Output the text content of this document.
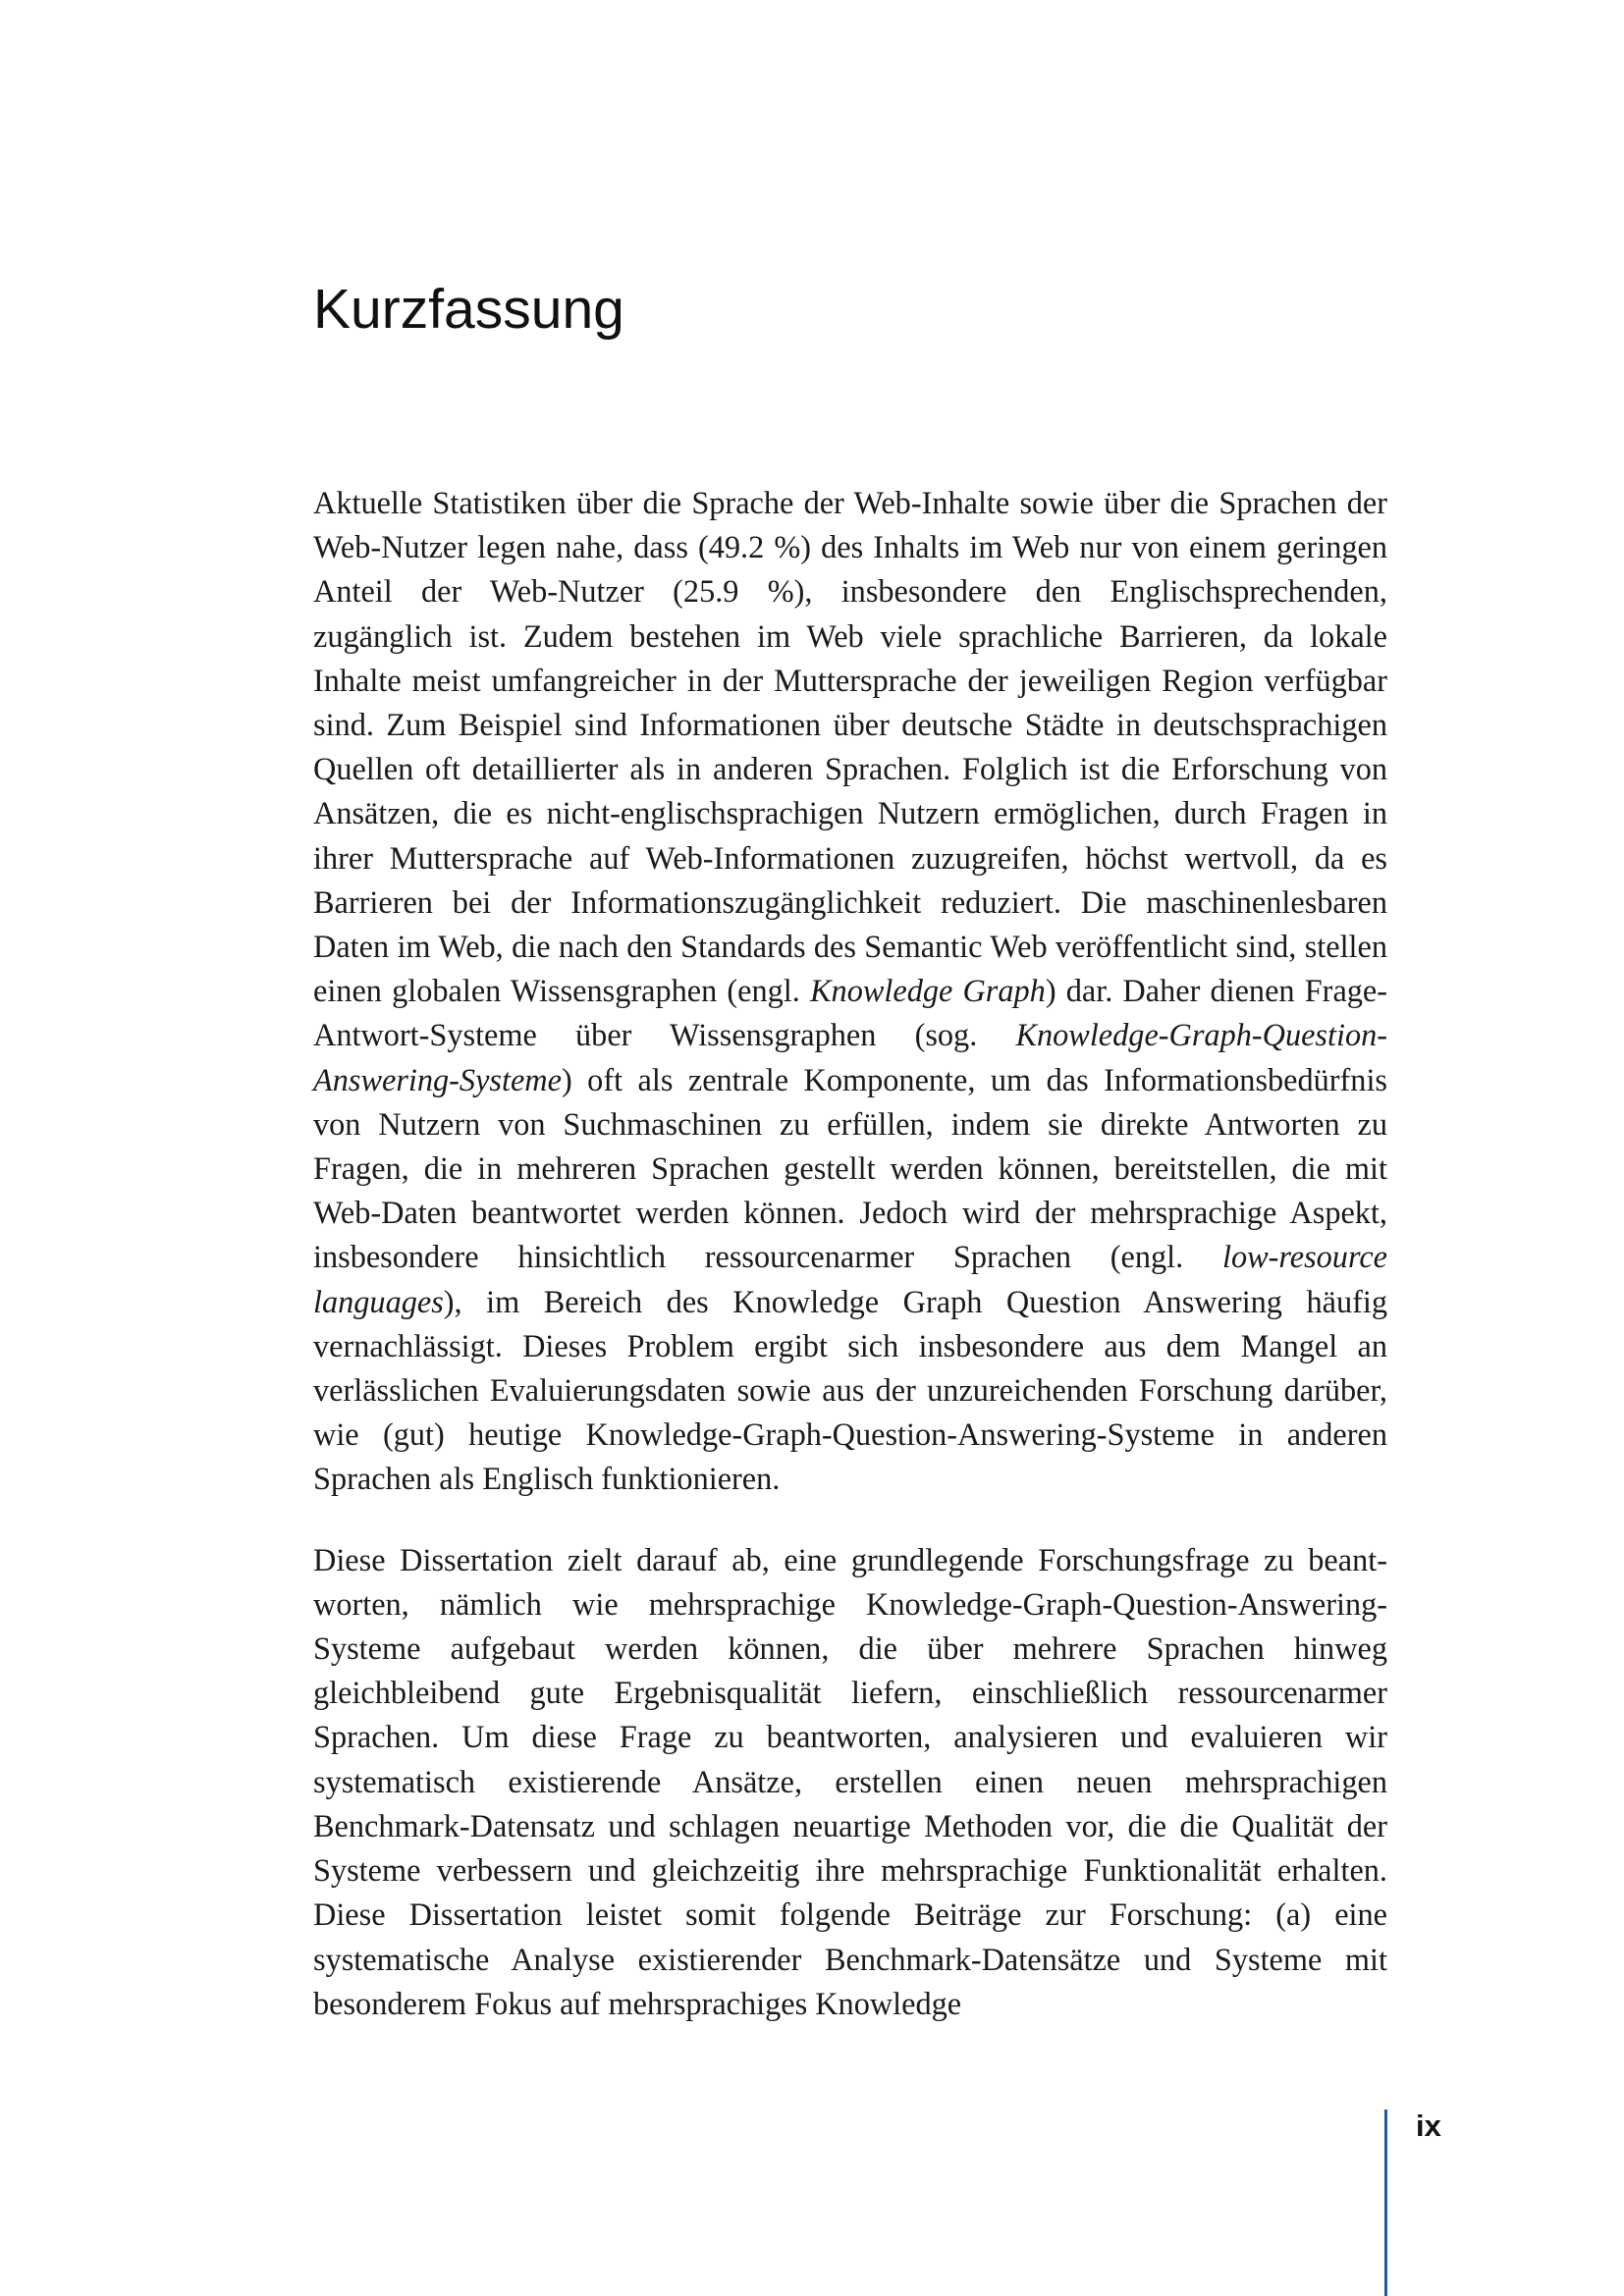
Kurzfassung

Aktuelle Statistiken über die Sprache der Web-Inhalte sowie über die Sprachen der Web-Nutzer legen nahe, dass (49.2 %) des Inhalts im Web nur von einem geringen Anteil der Web-Nutzer (25.9 %), insbesondere den Englischsprechenden, zugänglich ist. Zudem bestehen im Web viele sprachliche Barrieren, da lokale Inhalte meist umfangreicher in der Muttersprache der jeweiligen Region verfügbar sind. Zum Beispiel sind Informationen über deutsche Städte in deutschsprachigen Quellen oft detaillierter als in anderen Sprachen. Folglich ist die Erforschung von Ansätzen, die es nicht-englischsprachigen Nutzern ermöglichen, durch Fragen in ihrer Muttersprache auf Web-Informationen zuzugreifen, höchst wertvoll, da es Barrieren bei der Informationszugänglichkeit reduziert. Die maschinenlesbaren Daten im Web, die nach den Standards des Semantic Web veröffentlicht sind, stellen einen globalen Wissensgraphen (engl. Knowledge Graph) dar. Daher dienen Frage-Antwort-Systeme über Wissensgraphen (sog. Knowledge-Graph-Question-Answering-Systeme) oft als zentrale Komponente, um das Informationsbedürfnis von Nutzern von Suchmaschinen zu erfüllen, indem sie direkte Antworten zu Fragen, die in mehreren Sprachen gestellt werden können, bereitstellen, die mit Web-Daten beantwortet werden können. Jedoch wird der mehrsprachige Aspekt, insbesondere hinsichtlich ressourcenarmer Sprachen (engl. low-resource languages), im Bereich des Knowledge Graph Question Answering häufig vernachlässigt. Dieses Problem ergibt sich insbesondere aus dem Mangel an verlässlichen Evaluierungsdaten sowie aus der unzureichenden Forschung darüber, wie (gut) heutige Knowledge-Graph-Question-Answering-Systeme in anderen Sprachen als Englisch funktionieren.

Diese Dissertation zielt darauf ab, eine grundlegende Forschungsfrage zu beantworten, nämlich wie mehrsprachige Knowledge-Graph-Question-Answering-Systeme aufgebaut werden können, die über mehrere Sprachen hinweg gleichbleibend gute Ergebnisqualität liefern, einschließlich ressourcenarmer Sprachen. Um diese Frage zu beantworten, analysieren und evaluieren wir systematisch existierende Ansätze, erstellen einen neuen mehrsprachigen Benchmark-Datensatz und schlagen neuartige Methoden vor, die die Qualität der Systeme verbessern und gleichzeitig ihre mehrsprachige Funktionalität erhalten. Diese Dissertation leistet somit folgende Beiträge zur Forschung: (a) eine systematische Analyse existierender Benchmark-Datensätze und Systeme mit besonderem Fokus auf mehrsprachiges Knowledge

ix
